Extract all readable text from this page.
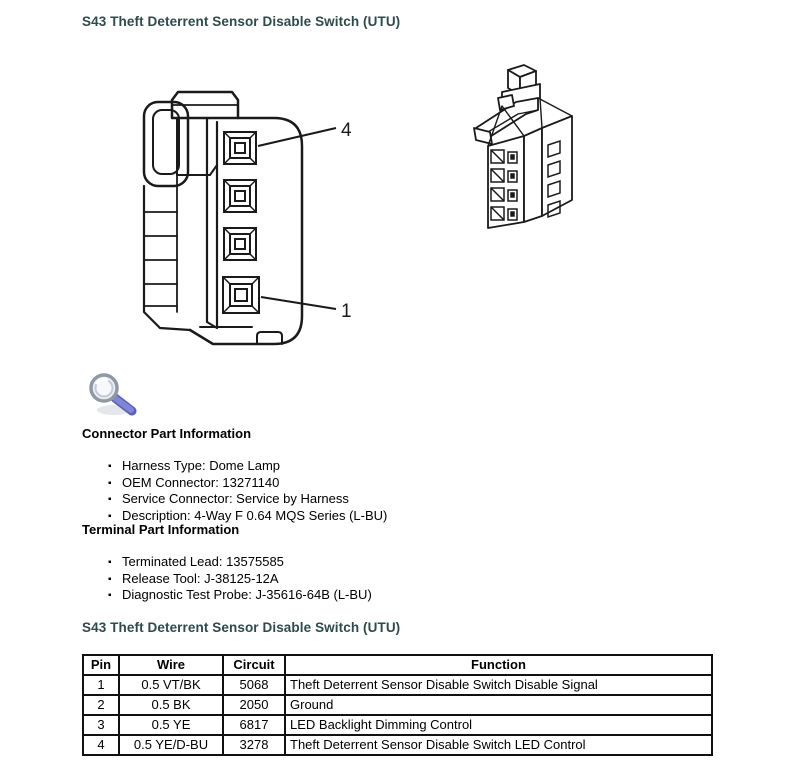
S43 Theft Deterrent Sensor Disable Switch (UTU)
4
1
Connector Part Information
▪ Harness Type: Dome Lamp
▪ OEM Connector: 13271140
▪ Service Connector: Service by Harness
▪ Description: 4-Way F 0.64 MQS Series (L-BU)
Terminal Part Information
▪ Terminated Lead: 13575585
▪ Release Tool: J-38125-12A
▪ Diagnostic Test Probe: J-35616-64B (L-BU)
S43 Theft Deterrent Sensor Disable Switch (UTU)
Pin	Wire	Circuit	Function
1	0.5 VT/BK	5068	Theft Deterrent Sensor Disable Switch Disable Signal
2	0.5 BK	2050	Ground
3	0.5 YE	6817	LED Backlight Dimming Control
4	0.5 YE/D-BU	3278	Theft Deterrent Sensor Disable Switch LED Control
